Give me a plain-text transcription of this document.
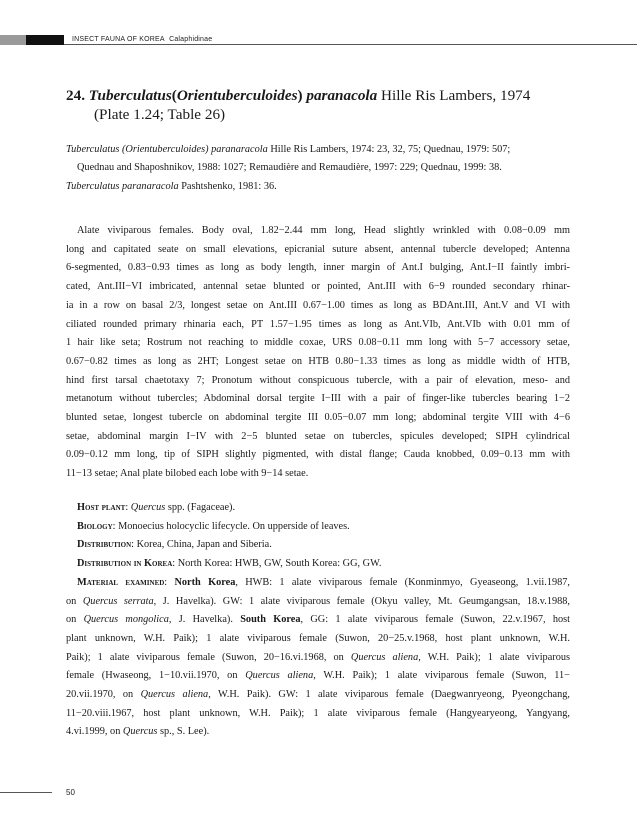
INSECT FAUNA OF KOREA Calaphidinae
24. Tuberculatus(Orientuberculoides) paranacola Hille Ris Lambers, 1974
(Plate 1.24; Table 26)

Tuberculatus (Orientuberculoides) paranaracola Hille Ris Lambers, 1974: 23, 32, 75; Quednau, 1979: 507;
Quednau and Shaposhnikov, 1988: 1027; Remaudière and Remaudière, 1997: 229; Quednau, 1999: 38.

Tuberculatus paranaracola Pashtshenko, 1981: 36.

Alate viviparous females. Body oval, 1.82−2.44 mm long, Head slightly wrinkled with 0.08−0.09 mm
long and capitated seate on small elevations, epicranial suture absent, antennal tubercle developed; Antenna
6-segmented, 0.83−0.93 times as long as body length, inner margin of Ant.I bulging, Ant.I−II faintly imbri-
cated, Ant.III−VI imbricated, antennal setae blunted or pointed, Ant.III with 6−9 rounded secondary rhinar-
ia in a row on basal 2/3, longest setae on Ant.III 0.67−1.00 times as long as BDAnt.III, Ant.V and VI with
ciliated rounded primary rhinaria each, PT 1.57−1.95 times as long as Ant.VIb, Ant.VIb with 0.01 mm of
1 hair like seta; Rostrum not reaching to middle coxae, URS 0.08−0.11 mm long with 5−7 accessory setae,
0.67−0.82 times as long as 2HT; Longest setae on HTB 0.80−1.33 times as long as middle width of HTB,
hind first tarsal chaetotaxy 7; Pronotum without conspicuous tubercle, with a pair of elevation, meso- and
metanotum without tubercles; Abdominal dorsal tergite I−III with a pair of finger-like tubercles bearing 1−2
blunted setae, longest tubercle on abdominal tergite III 0.05−0.07 mm long; abdominal tergite VIII with 4−6
setae, abdominal margin I−IV with 2−5 blunted setae on tubercles, spicules developed; SIPH cylindrical
0.09−0.12 mm long, tip of SIPH slightly pigmented, with distal flange; Cauda knobbed, 0.09−0.13 mm with
11−13 setae; Anal plate bilobed each lobe with 9−14 setae.
Host plant: Quercus spp. (Fagaceae).
Biology: Monoecius holocyclic lifecycle. On upperside of leaves.
Distribution: Korea, China, Japan and Siberia.
Distribution in Korea: North Korea: HWB, GW, South Korea: GG, GW.
Material examined: North Korea, HWB: 1 alate viviparous female (Konminmyo, Gyeaseong, 1.vii.1987,
on Quercus serrata, J. Havelka). GW: 1 alate viviparous female (Okyu valley, Mt. Geumgangsan, 18.v.1988,
on Quercus mongolica, J. Havelka). South Korea, GG: 1 alate viviparous female (Suwon, 22.v.1967, host
plant unknown, W.H. Paik); 1 alate viviparous female (Suwon, 20−25.v.1968, host plant unknown, W.H.
Paik); 1 alate viviparous female (Suwon, 20−16.vi.1968, on Quercus aliena, W.H. Paik); 1 alate viviparous
female (Hwaseong, 1−10.vii.1970, on Quercus aliena, W.H. Paik); 1 alate viviparous female (Suwon, 11−
20.vii.1970, on Quercus aliena, W.H. Paik). GW: 1 alate viviparous female (Daegwanryeong, Pyeongchang,
11−20.viii.1967, host plant unknown, W.H. Paik); 1 alate viviparous female (Hangyearyeong, Yangyang,
4.vi.1999, on Quercus sp., S. Lee).
50
